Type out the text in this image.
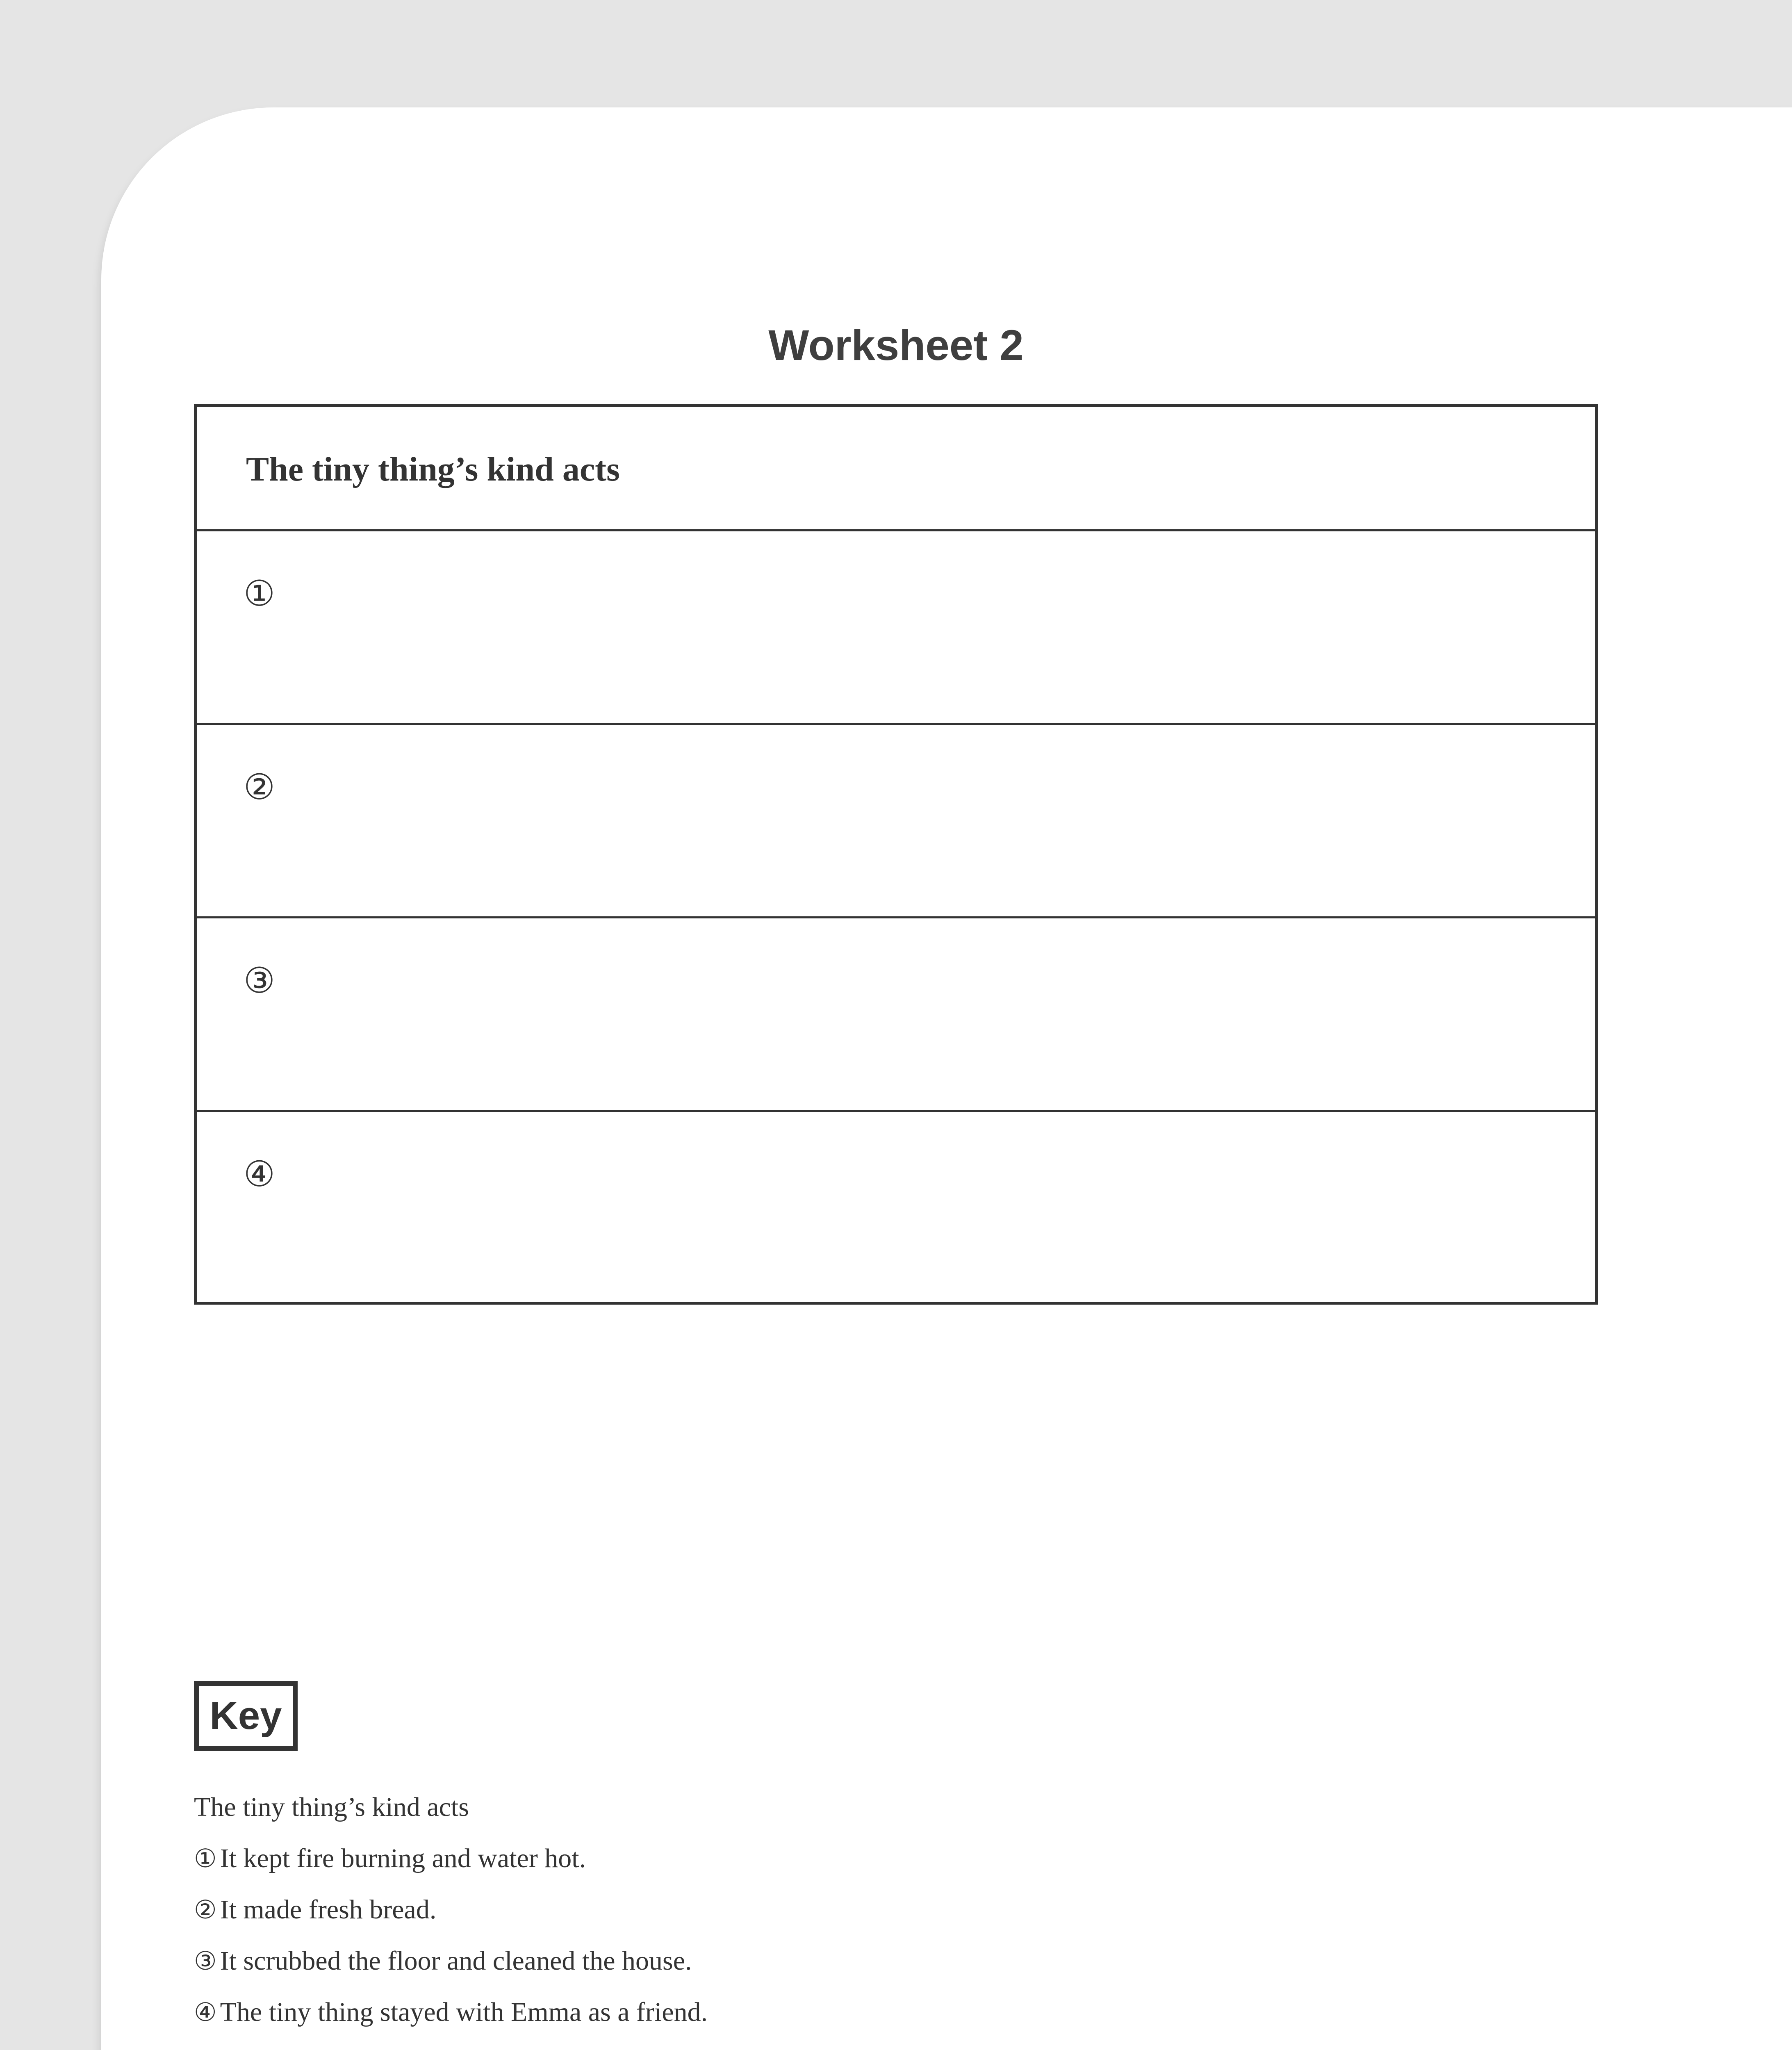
Worksheet 2
The tiny thing’s kind acts
①
②
③
④
Key
The tiny thing’s kind acts
① It kept fire burning and water hot.
② It made fresh bread.
③ It scrubbed the floor and cleaned the house.
④ The tiny thing stayed with Emma as a friend.
